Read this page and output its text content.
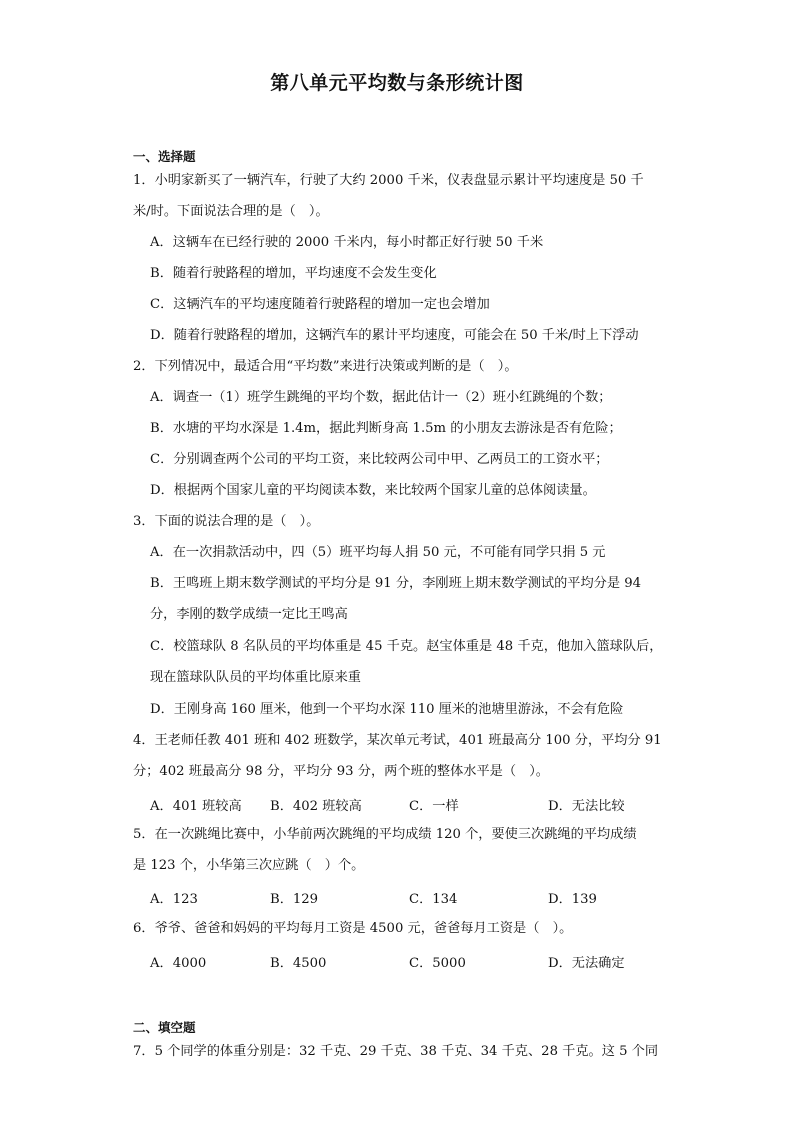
第八单元平均数与条形统计图
一、选择题
1．小明家新买了一辆汽车，行驶了大约 2000 千米，仪表盘显示累计平均速度是 50 千
米/时。下面说法合理的是（　）。
A．这辆车在已经行驶的 2000 千米内，每小时都正好行驶 50 千米
B．随着行驶路程的增加，平均速度不会发生变化
C．这辆汽车的平均速度随着行驶路程的增加一定也会增加
D．随着行驶路程的增加，这辆汽车的累计平均速度，可能会在 50 千米/时上下浮动
2．下列情况中，最适合用“平均数”来进行决策或判断的是（　）。
A．调查一（1）班学生跳绳的平均个数，据此估计一（2）班小红跳绳的个数；
B．水塘的平均水深是 1.4m，据此判断身高 1.5m 的小朋友去游泳是否有危险；
C．分别调查两个公司的平均工资，来比较两公司中甲、乙两员工的工资水平；
D．根据两个国家儿童的平均阅读本数，来比较两个国家儿童的总体阅读量。
3．下面的说法合理的是（　）。
A．在一次捐款活动中，四（5）班平均每人捐 50 元，不可能有同学只捐 5 元
B．王鸣班上期末数学测试的平均分是 91 分，李刚班上期末数学测试的平均分是 94
分，李刚的数学成绩一定比王鸣高
C．校篮球队 8 名队员的平均体重是 45 千克。赵宝体重是 48 千克，他加入篮球队后，
现在篮球队队员的平均体重比原来重
D．王刚身高 160 厘米，他到一个平均水深 110 厘米的池塘里游泳，不会有危险
4．王老师任教 401 班和 402 班数学，某次单元考试，401 班最高分 100 分，平均分 91
分；402 班最高分 98 分，平均分 93 分，两个班的整体水平是（　）。
A．401 班较高 B．402 班较高	C．一样	D．无法比较
5．在一次跳绳比赛中，小华前两次跳绳的平均成绩 120 个，要使三次跳绳的平均成绩
是 123 个，小华第三次应跳（　）个。
A．123	B．129	C．134	D．139
6．爷爷、爸爸和妈妈的平均每月工资是 4500 元，爸爸每月工资是（　）。
A．4000	B．4500	C．5000	D．无法确定
二、填空题
7．5 个同学的体重分别是：32 千克、29 千克、38 千克、34 千克、28 千克。这 5 个同
